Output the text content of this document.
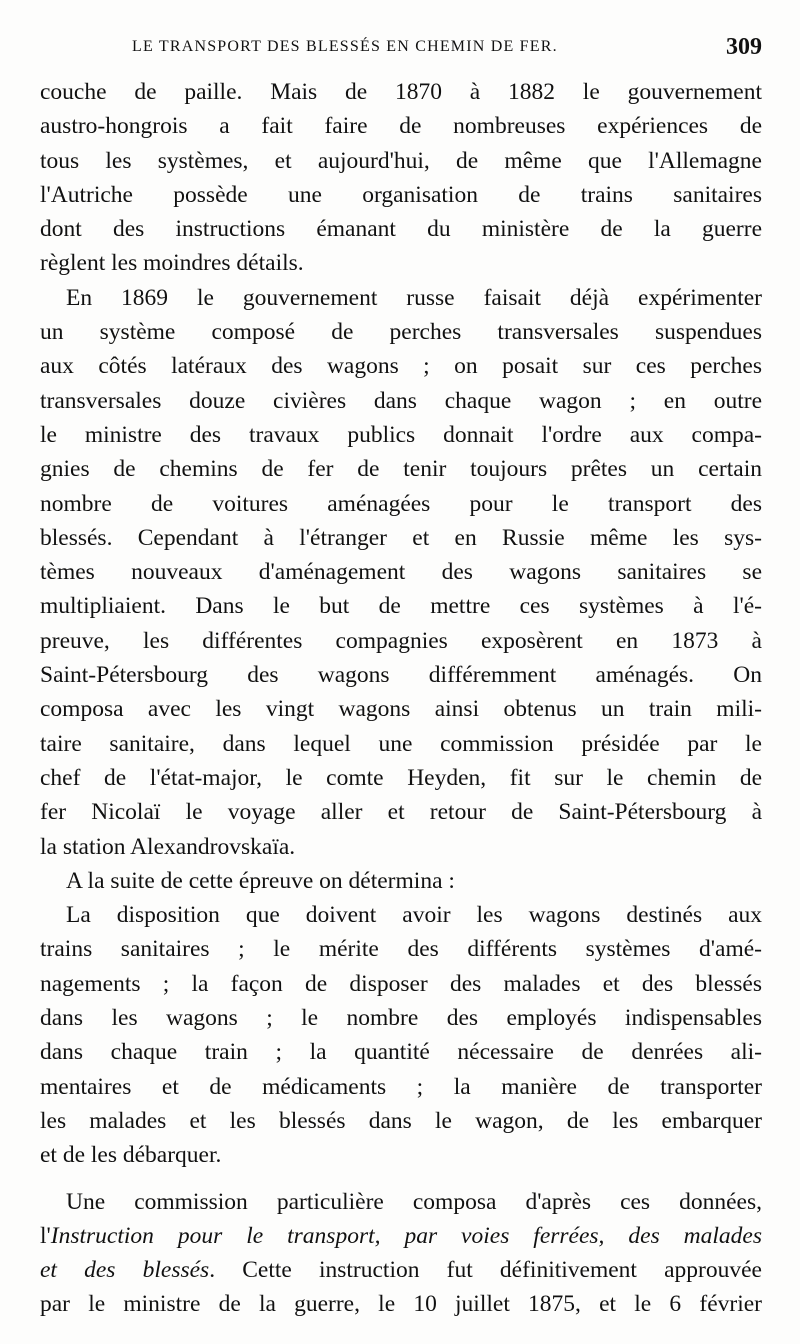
LE TRANSPORT DES BLESSÉS EN CHEMIN DE FER.	309
couche de paille. Mais de 1870 à 1882 le gouvernement
austro-hongrois a fait faire de nombreuses expériences de
tous les systèmes, et aujourd'hui, de même que l'Allemagne
l'Autriche possède une organisation de trains sanitaires
dont des instructions émanant du ministère de la guerre
règlent les moindres détails.
En 1869 le gouvernement russe faisait déjà expérimenter
un système composé de perches transversales suspendues
aux côtés latéraux des wagons ; on posait sur ces perches
transversales douze civières dans chaque wagon ; en outre
le ministre des travaux publics donnait l'ordre aux compa-
gnies de chemins de fer de tenir toujours prêtes un certain
nombre de voitures aménagées pour le transport des
blessés. Cependant à l'étranger et en Russie même les sys-
tèmes nouveaux d'aménagement des wagons sanitaires se
multipliaient. Dans le but de mettre ces systèmes à l'é-
preuve, les différentes compagnies exposèrent en 1873 à
Saint-Pétersbourg des wagons différemment aménagés. On
composa avec les vingt wagons ainsi obtenus un train mili-
taire sanitaire, dans lequel une commission présidée par le
chef de l'état-major, le comte Heyden, fit sur le chemin de
fer Nicolaï le voyage aller et retour de Saint-Pétersbourg à
la station Alexandrovskaïa.
A la suite de cette épreuve on détermina :
La disposition que doivent avoir les wagons destinés aux
trains sanitaires ; le mérite des différents systèmes d'amé-
nagements ; la façon de disposer des malades et des blessés
dans les wagons ; le nombre des employés indispensables
dans chaque train ; la quantité nécessaire de denrées ali-
mentaires et de médicaments ; la manière de transporter
les malades et les blessés dans le wagon, de les embarquer
et de les débarquer.
Une commission particulière composa d'après ces données,
l'Instruction pour le transport, par voies ferrées, des malades
et des blessés. Cette instruction fut définitivement approuvée
par le ministre de la guerre, le 10 juillet 1875, et le 6 février
